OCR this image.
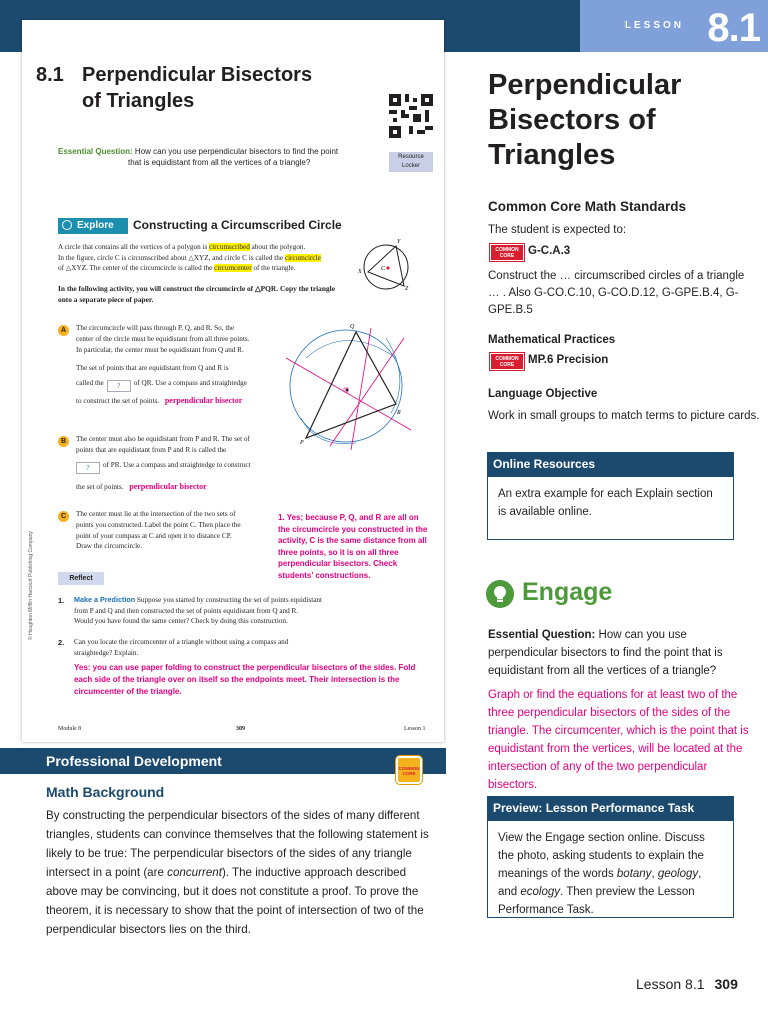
LESSON 8.1
8.1 Perpendicular Bisectors
of Triangles
Resource
Locker
Essential Question: How can you use perpendicular bisectors to find the point
that is equidistant from all the vertices of a triangle?
Explore	Constructing a Circumscribed Circle
A circle that contains all the vertices of a polygon is circumscribed about the polygon.
In the figure, circle C is circumscribed about △XYZ, and circle C is called the circumcircle
of △XYZ. The center of the circumcircle is called the circumcenter of the triangle.
In the following activity, you will construct the circumcircle of △PQR. Copy the triangle onto a separate piece of paper.
Y
X
Z
C
Q
R
P
A	The circumcircle will pass through P, Q, and R. So, the
center of the circle must be equidistant from all three points.
In particular, the center must be equidistant from Q and R.
The set of points that are equidistant from Q and R is
called the ? of QR. Use a compass and straightedge
to construct the set of points. perpendicular bisector
B	The center must also be equidistant from P and R. The set of
points that are equidistant from P and R is called the
? of PR. Use a compass and straightedge to construct
the set of points. perpendicular bisector
C	The center must lie at the intersection of the two sets of
points you constructed. Label the point C. Then place the
point of your compass at C and open it to distance CP.
Draw the circumcircle.
1. Yes; because P, Q, and R are all on the circumcircle you constructed in the activity, C is the same distance from all three points, so it is on all three perpendicular bisectors. Check students’ constructions.
Reflect
1. Make a Prediction Suppose you started by constructing the set of points equidistant
from P and Q and then constructed the set of points equidistant from Q and R.
Would you have found the same center? Check by doing this construction.
2. Can you locate the circumcenter of a triangle without using a compass and
straightedge? Explain.
Yes: you can use paper folding to construct the perpendicular bisectors of the sides. Fold each side of the triangle over on itself so the endpoints meet. Their intersection is the circumcenter of the triangle.
Module 8	309	Lesson 1
© Houghton Mifflin Harcourt Publishing Company
Perpendicular Bisectors of Triangles
Common Core Math Standards
The student is expected to:
COMMON
CORE	G-C.A.3
Construct the … circumscribed circles of a triangle … . Also G-CO.C.10, G-CO.D.12, G-GPE.B.4, G-GPE.B.5
Mathematical Practices
COMMON
CORE	MP.6 Precision
Language Objective
Work in small groups to match terms to picture cards.
Online Resources
An extra example for each Explain section is available online.
Engage
Essential Question: How can you use perpendicular bisectors to find the point that is equidistant from all the vertices of a triangle?
Graph or find the equations for at least two of the three perpendicular bisectors of the sides of the triangle. The circumcenter, which is the point that is equidistant from the vertices, will be located at the intersection of any of the two perpendicular bisectors.
Preview: Lesson Performance Task
View the Engage section online. Discuss the photo, asking students to explain the meanings of the words botany, geology, and ecology. Then preview the Lesson Performance Task.
Lesson 8.1 309
Professional Development	COMMON
CORE
Math Background
By constructing the perpendicular bisectors of the sides of many different triangles, students can convince themselves that the following statement is likely to be true: The perpendicular bisectors of the sides of any triangle intersect in a point (are concurrent). The inductive approach described above may be convincing, but it does not constitute a proof. To prove the theorem, it is necessary to show that the point of intersection of two of the perpendicular bisectors lies on the third.
